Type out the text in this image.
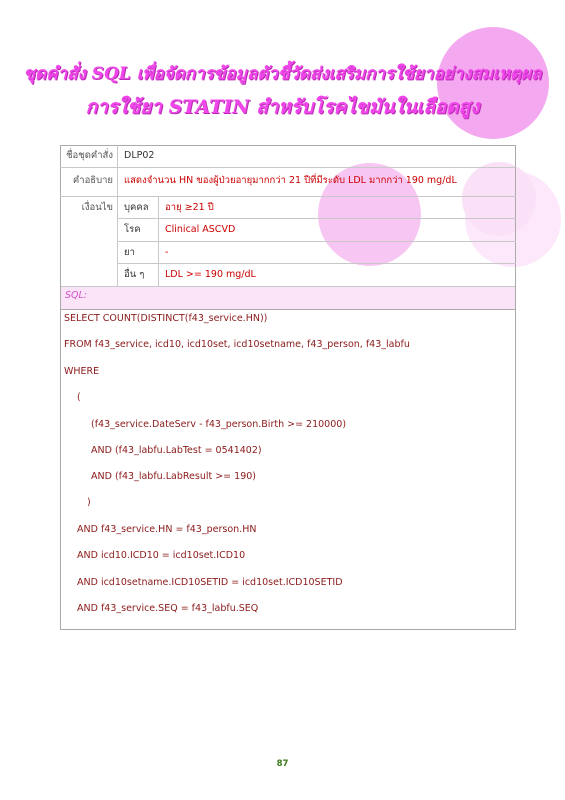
ชุดคำสั่ง SQL เพื่อจัดการข้อมูลตัวชี้วัดส่งเสริมการใช้ยาอย่างสมเหตุผล
การใช้ยา STATIN สำหรับโรคไขมันในเลือดสูง
ชื่อชุดคำสั่ง DLP02
คำอธิบาย แสดงจำนวน HN ของผู้ป่วยอายุมากกว่า 21 ปีที่มีระดับ LDL มากกว่า 190 mg/dL
เงื่อนไข บุคคล อายุ ≥21 ปี
โรค	Clinical ASCVD
ยา	-
อื่น ๆ LDL >= 190 mg/dL
SQL:
SELECT COUNT(DISTINCT(f43_service.HN))
FROM f43_service, icd10, icd10set, icd10setname, f43_person, f43_labfu
WHERE
(
(f43_service.DateServ - f43_person.Birth >= 210000)
AND (f43_labfu.LabTest = 0541402)
AND (f43_labfu.LabResult >= 190)
)
AND f43_service.HN = f43_person.HN
AND icd10.ICD10 = icd10set.ICD10
AND icd10setname.ICD10SETID = icd10set.ICD10SETID
AND f43_service.SEQ = f43_labfu.SEQ
87
